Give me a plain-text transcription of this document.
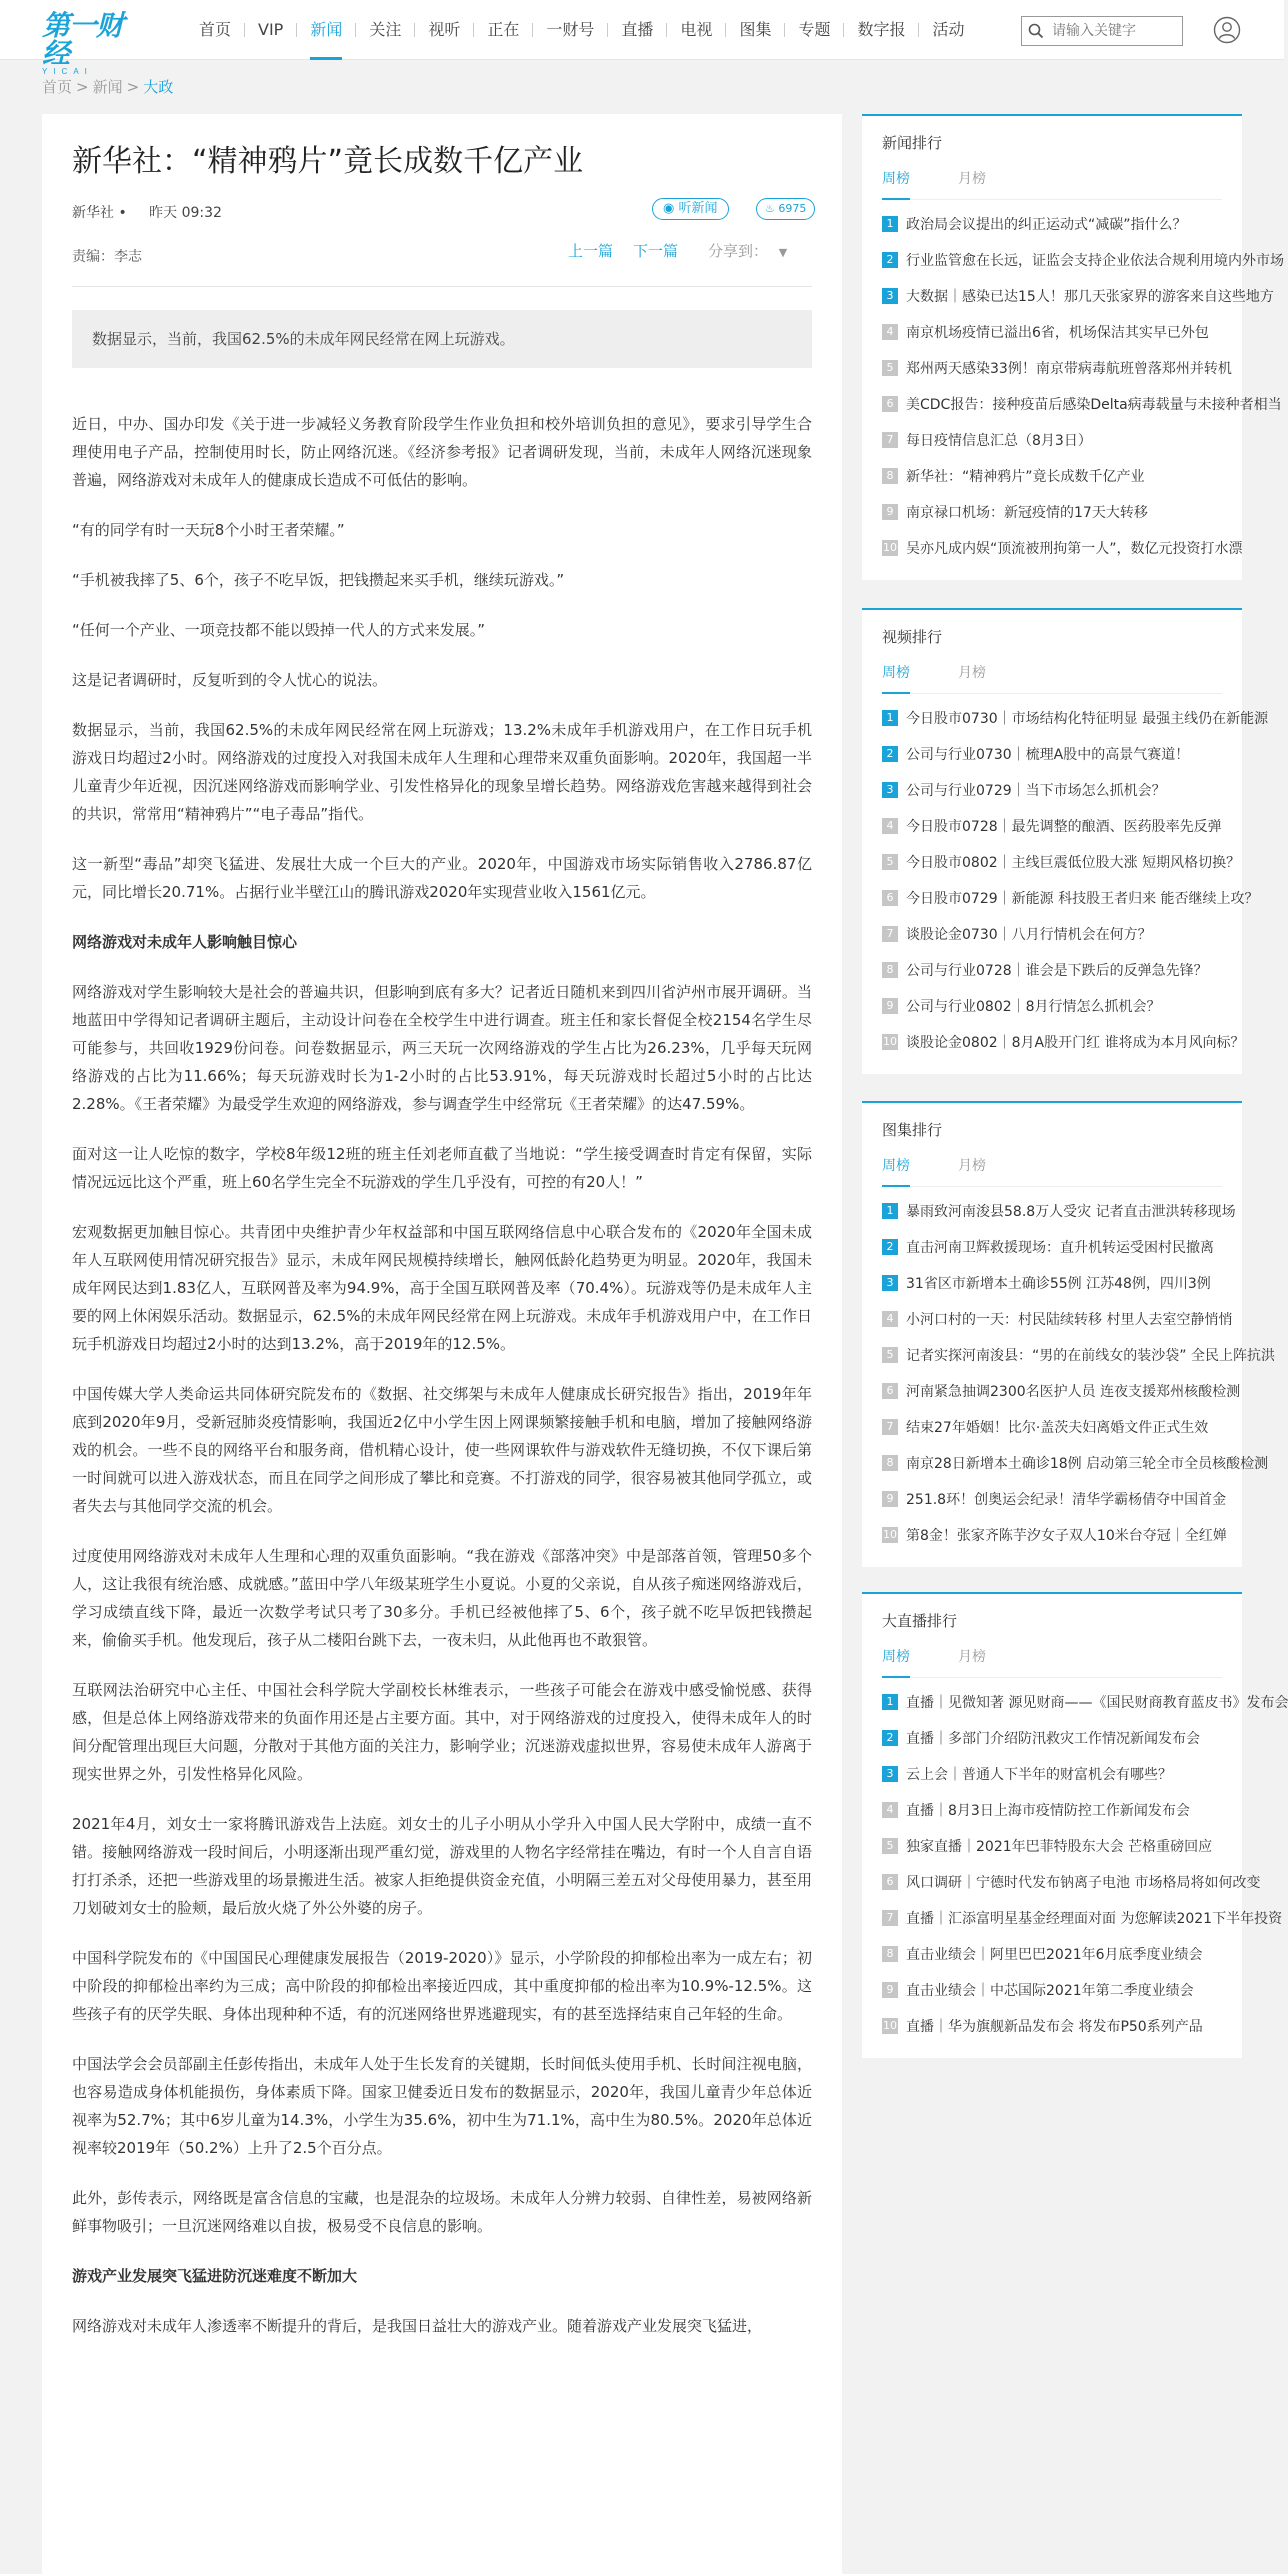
第一财经
YICAI
首页	VIP	新闻	关注	视听	正在	一财号	直播	电视	图集	专题	数字报	活动
请输入关键字
首页 > 新闻 > 大政
新华社：“精神鸦片”竟长成数千亿产业
新华社 • 昨天 09:32	◉ 听新闻	♨ 6975
责编：李志	上一篇 下一篇	分享到： ▼
数据显示，当前，我国62.5%的未成年网民经常在网上玩游戏。

近日，中办、国办印发《关于进一步减轻义务教育阶段学生作业负担和校外培训负担的意见》，要求引导学生合理使用电子产品，控制使用时长，防止网络沉迷。《经济参考报》记者调研发现，当前，未成年人网络沉迷现象普遍，网络游戏对未成年人的健康成长造成不可低估的影响。

“有的同学有时一天玩8个小时王者荣耀。”

“手机被我摔了5、6个，孩子不吃早饭，把钱攒起来买手机，继续玩游戏。”

“任何一个产业、一项竞技都不能以毁掉一代人的方式来发展。”

这是记者调研时，反复听到的令人忧心的说法。

数据显示，当前，我国62.5%的未成年网民经常在网上玩游戏；13.2%未成年手机游戏用户，在工作日玩手机游戏日均超过2小时。网络游戏的过度投入对我国未成年人生理和心理带来双重负面影响。2020年，我国超一半儿童青少年近视，因沉迷网络游戏而影响学业、引发性格异化的现象呈增长趋势。网络游戏危害越来越得到社会的共识，常常用“精神鸦片”“电子毒品”指代。

这一新型“毒品”却突飞猛进、发展壮大成一个巨大的产业。2020年，中国游戏市场实际销售收入2786.87亿元，同比增长20.71%。占据行业半壁江山的腾讯游戏2020年实现营业收入1561亿元。

网络游戏对未成年人影响触目惊心

网络游戏对学生影响较大是社会的普遍共识，但影响到底有多大？记者近日随机来到四川省泸州市展开调研。当地蓝田中学得知记者调研主题后，主动设计问卷在全校学生中进行调查。班主任和家长督促全校2154名学生尽可能参与，共回收1929份问卷。问卷数据显示，两三天玩一次网络游戏的学生占比为26.23%，几乎每天玩网络游戏的占比为11.66%；每天玩游戏时长为1-2小时的占比53.91%，每天玩游戏时长超过5小时的占比达2.28%。《王者荣耀》为最受学生欢迎的网络游戏，参与调查学生中经常玩《王者荣耀》的达47.59%。

面对这一让人吃惊的数字，学校8年级12班的班主任刘老师直截了当地说：“学生接受调查时肯定有保留，实际情况远远比这个严重，班上60名学生完全不玩游戏的学生几乎没有，可控的有20人！”

宏观数据更加触目惊心。共青团中央维护青少年权益部和中国互联网络信息中心联合发布的《2020年全国未成年人互联网使用情况研究报告》显示，未成年网民规模持续增长，触网低龄化趋势更为明显。2020年，我国未成年网民达到1.83亿人，互联网普及率为94.9%，高于全国互联网普及率（70.4%）。玩游戏等仍是未成年人主要的网上休闲娱乐活动。数据显示，62.5%的未成年网民经常在网上玩游戏。未成年手机游戏用户中，在工作日玩手机游戏日均超过2小时的达到13.2%，高于2019年的12.5%。

中国传媒大学人类命运共同体研究院发布的《数据、社交绑架与未成年人健康成长研究报告》指出，2019年年底到2020年9月，受新冠肺炎疫情影响，我国近2亿中小学生因上网课频繁接触手机和电脑，增加了接触网络游戏的机会。一些不良的网络平台和服务商，借机精心设计，使一些网课软件与游戏软件无缝切换，不仅下课后第一时间就可以进入游戏状态，而且在同学之间形成了攀比和竞赛。不打游戏的同学，很容易被其他同学孤立，或者失去与其他同学交流的机会。

过度使用网络游戏对未成年人生理和心理的双重负面影响。“我在游戏《部落冲突》中是部落首领，管理50多个人，这让我很有统治感、成就感。”蓝田中学八年级某班学生小夏说。小夏的父亲说，自从孩子痴迷网络游戏后，学习成绩直线下降，最近一次数学考试只考了30多分。手机已经被他摔了5、6个，孩子就不吃早饭把钱攒起来，偷偷买手机。他发现后，孩子从二楼阳台跳下去，一夜未归，从此他再也不敢狠管。

互联网法治研究中心主任、中国社会科学院大学副校长林维表示，一些孩子可能会在游戏中感受愉悦感、获得感，但是总体上网络游戏带来的负面作用还是占主要方面。其中，对于网络游戏的过度投入，使得未成年人的时间分配管理出现巨大问题，分散对于其他方面的关注力，影响学业；沉迷游戏虚拟世界，容易使未成年人游离于现实世界之外，引发性格异化风险。

2021年4月，刘女士一家将腾讯游戏告上法庭。刘女士的儿子小明从小学升入中国人民大学附中，成绩一直不错。接触网络游戏一段时间后，小明逐渐出现严重幻觉，游戏里的人物名字经常挂在嘴边，有时一个人自言自语打打杀杀，还把一些游戏里的场景搬进生活。被家人拒绝提供资金充值，小明隔三差五对父母使用暴力，甚至用刀划破刘女士的脸颊，最后放火烧了外公外婆的房子。

中国科学院发布的《中国国民心理健康发展报告（2019-2020）》显示，小学阶段的抑郁检出率为一成左右；初中阶段的抑郁检出率约为三成；高中阶段的抑郁检出率接近四成，其中重度抑郁的检出率为10.9%-12.5%。这些孩子有的厌学失眠、身体出现种种不适，有的沉迷网络世界逃避现实，有的甚至选择结束自己年轻的生命。

中国法学会会员部副主任彭传指出，未成年人处于生长发育的关键期，长时间低头使用手机、长时间注视电脑，也容易造成身体机能损伤，身体素质下降。国家卫健委近日发布的数据显示，2020年，我国儿童青少年总体近视率为52.7%；其中6岁儿童为14.3%，小学生为35.6%，初中生为71.1%，高中生为80.5%。2020年总体近视率较2019年（50.2%）上升了2.5个百分点。

此外，彭传表示，网络既是富含信息的宝藏，也是混杂的垃圾场。未成年人分辨力较弱、自律性差，易被网络新鲜事物吸引；一旦沉迷网络难以自拔，极易受不良信息的影响。

游戏产业发展突飞猛进防沉迷难度不断加大

网络游戏对未成年人渗透率不断提升的背后，是我国日益壮大的游戏产业。随着游戏产业发展突飞猛进，

新闻排行
周榜	月榜
1 政治局会议提出的纠正运动式“减碳”指什么？
2 行业监管愈在长远，证监会支持企业依法合规利用境内外市场
3 大数据｜感染已达15人！那几天张家界的游客来自这些地方
4 南京机场疫情已溢出6省，机场保洁其实早已外包
5 郑州两天感染33例！南京带病毒航班曾落郑州并转机
6 美CDC报告：接种疫苗后感染Delta病毒载量与未接种者相当
7 每日疫情信息汇总（8月3日）
8 新华社：“精神鸦片”竟长成数千亿产业
9 南京禄口机场：新冠疫情的17天大转移
10 吴亦凡成内娱“顶流被刑拘第一人”，数亿元投资打水漂
视频排行
周榜	月榜
1 今日股市0730｜市场结构化特征明显 最强主线仍在新能源
2 公司与行业0730｜梳理A股中的高景气赛道！
3 公司与行业0729｜当下市场怎么抓机会？
4 今日股市0728｜最先调整的酿酒、医药股率先反弹
5 今日股市0802｜主线巨震低位股大涨 短期风格切换？
6 今日股市0729｜新能源 科技股王者归来 能否继续上攻？
7 谈股论金0730｜八月行情机会在何方？
8 公司与行业0728｜谁会是下跌后的反弹急先锋？
9 公司与行业0802｜8月行情怎么抓机会？
10 谈股论金0802｜8月A股开门红 谁将成为本月风向标？
图集排行
周榜	月榜
1 暴雨致河南浚县58.8万人受灾 记者直击泄洪转移现场
2 直击河南卫辉救援现场：直升机转运受困村民撤离
3 31省区市新增本土确诊55例 江苏48例，四川3例
4 小河口村的一天：村民陆续转移 村里人去室空静悄悄
5 记者实探河南浚县：“男的在前线女的装沙袋” 全民上阵抗洪
6 河南紧急抽调2300名医护人员 连夜支援郑州核酸检测
7 结束27年婚姻！比尔·盖茨夫妇离婚文件正式生效
8 南京28日新增本土确诊18例 启动第三轮全市全员核酸检测
9 251.8环！创奥运会纪录！清华学霸杨倩夺中国首金
10 第8金！张家齐陈芋汐女子双人10米台夺冠｜全红婵
大直播排行
周榜	月榜
1 直播｜见微知著 源见财商——《国民财商教育蓝皮书》发布会
2 直播｜多部门介绍防汛救灾工作情况新闻发布会
3 云上会｜普通人下半年的财富机会有哪些？
4 直播｜8月3日上海市疫情防控工作新闻发布会
5 独家直播｜2021年巴菲特股东大会 芒格重磅回应
6 风口调研｜宁德时代发布钠离子电池 市场格局将如何改变
7 直播｜汇添富明星基金经理面对面 为您解读2021下半年投资
8 直击业绩会｜阿里巴巴2021年6月底季度业绩会
9 直击业绩会｜中芯国际2021年第二季度业绩会
10 直播｜华为旗舰新品发布会 将发布P50系列产品
